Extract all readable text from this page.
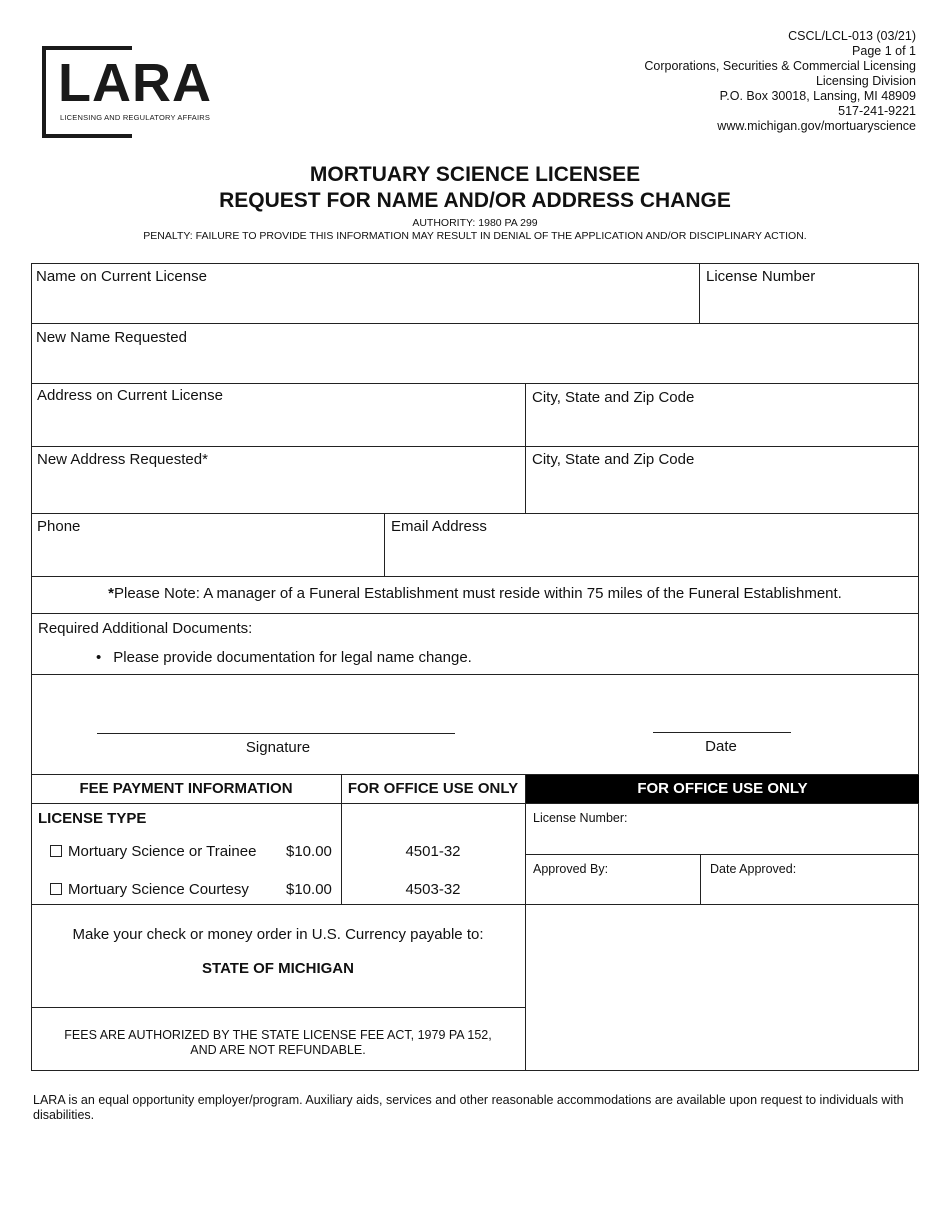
LARA
LICENSING AND REGULATORY AFFAIRS
CSCL/LCL-013 (03/21)
Page 1 of 1
Corporations, Securities & Commercial Licensing
Licensing Division
P.O. Box 30018, Lansing, MI 48909
517-241-9221
www.michigan.gov/mortuaryscience
MORTUARY SCIENCE LICENSEE
REQUEST FOR NAME AND/OR ADDRESS CHANGE
AUTHORITY: 1980 PA 299
PENALTY: FAILURE TO PROVIDE THIS INFORMATION MAY RESULT IN DENIAL OF THE APPLICATION AND/OR DISCIPLINARY ACTION.
Name on Current License	License Number
New Name Requested
Address on Current License	City, State and Zip Code
New Address Requested*	City, State and Zip Code
Phone	Email Address
*Please Note: A manager of a Funeral Establishment must reside within 75 miles of the Funeral Establishment.
Required Additional Documents:
• Please provide documentation for legal name change.
Signature	Date
FEE PAYMENT INFORMATION	FOR OFFICE USE ONLY	FOR OFFICE USE ONLY
LICENSE TYPE
Mortuary Science or Trainee $10.00	4501-32
Mortuary Science Courtesy $10.00	4503-32
License Number:
Approved By:	Date Approved:
Make your check or money order in U.S. Currency payable to:
STATE OF MICHIGAN
FEES ARE AUTHORIZED BY THE STATE LICENSE FEE ACT, 1979 PA 152,
AND ARE NOT REFUNDABLE.
LARA is an equal opportunity employer/program. Auxiliary aids, services and other reasonable accommodations are available upon request to individuals with disabilities.
